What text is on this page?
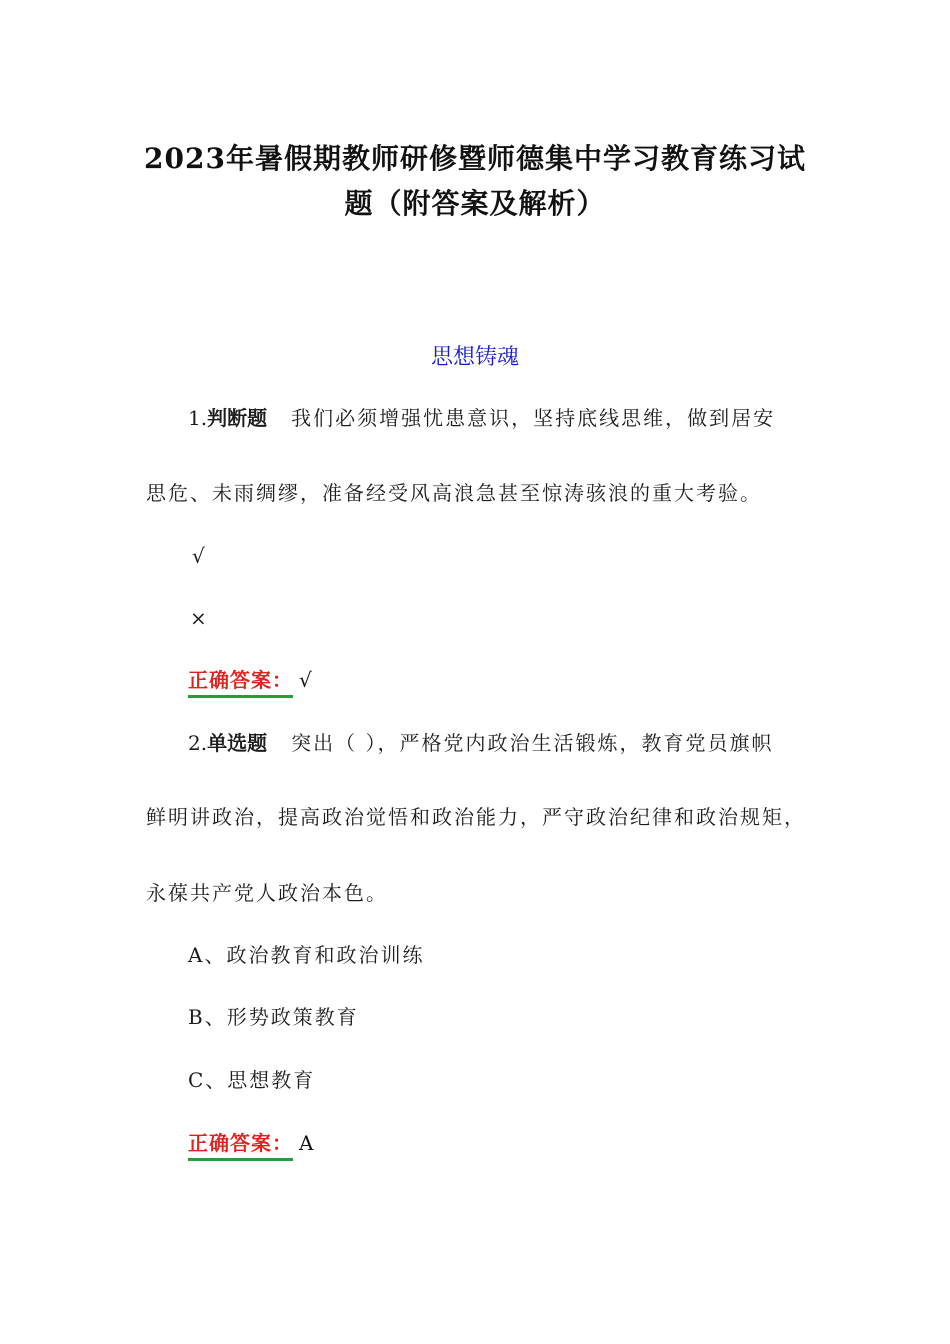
2023年暑假期教师研修暨师德集中学习教育练习试
题（附答案及解析）
思想铸魂
1.判断题 我们必须增强忧患意识，坚持底线思维，做到居安
思危、未雨绸缪，准备经受风高浪急甚至惊涛骇浪的重大考验。
√
×
正确答案： √
2.单选题 突出（ ），严格党内政治生活锻炼，教育党员旗帜
鲜明讲政治，提高政治觉悟和政治能力，严守政治纪律和政治规矩，
永葆共产党人政治本色。
A、政治教育和政治训练
B、形势政策教育
C、思想教育
正确答案： A
